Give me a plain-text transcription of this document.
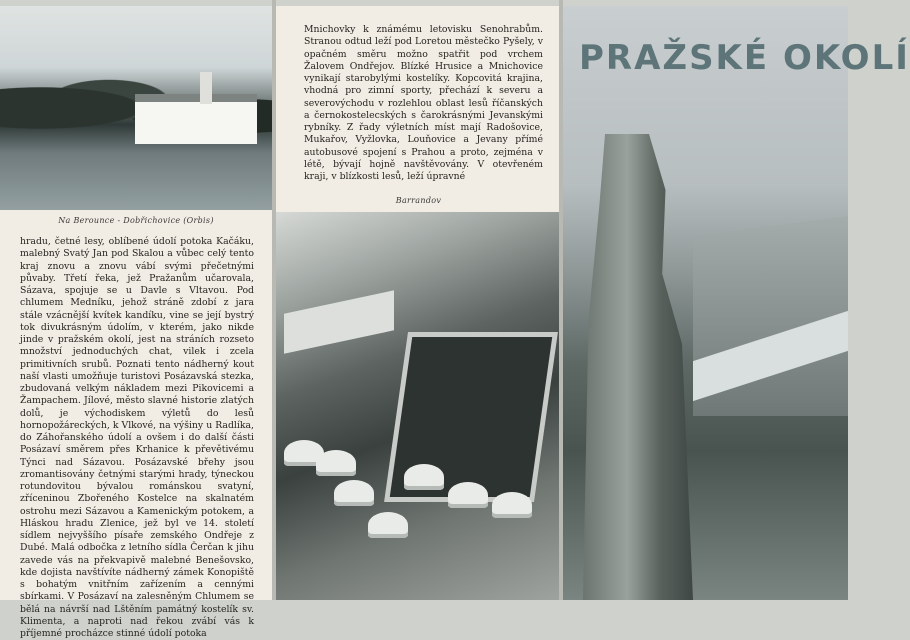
Na Berounce - Dobřichovice (Orbis)

hradu, četné lesy, oblíbené údolí potoka Kačáku, malebný Svatý Jan pod Skalou a vůbec celý tento kraj znovu a znovu vábí svými přečetnými půvaby. Třetí řeka, jež Pražanům učarovala, Sázava, spojuje se u Davle s Vltavou. Pod chlumem Medníku, jehož stráně zdobí z jara stále vzácnější kvítek kandíku, vine se její bystrý tok divukrásným údolím, v kterém, jako nikde jinde v pražském okolí, jest na stráních rozseto množství jednoduchých chat, vilek i zcela primitivních srubů. Poznati tento nádherný kout naší vlasti umožňuje turistovi Posázavská stezka, zbudovaná velkým nákladem mezi Pikovicemi a Žampachem. Jílové, město slavné historie zlatých dolů, je východiskem výletů do lesů hornopožáreckých, k Vlkové, na výšiny u Radlíka, do Záhořanského údolí a ovšem i do další části Posázaví směrem přes Krhanice k převětivému Týnci nad Sázavou. Posázavské břehy jsou zromantisovány četnými starými hrady, týneckou rotundovitou bývalou románskou svatyní, zříceninou Zbořeného Kostelce na skalnatém ostrohu mezi Sázavou a Kamenickým potokem, a Hláskou hradu Zlenice, jež byl ve 14. století sídlem nejvyššího písaře zemského Ondřeje z Dubé. Malá odbočka z letního sídla Čerčan k jihu zavede vás na překvapivě malebné Benešovsko, kde dojista navštívíte nádherný zámek Konopiště s bohatým vnitřním zařízením a cennými sbírkami. V Posázaví na zalesněným Chlumem se bělá na návrší nad Lštěním památný kostelík sv. Klimenta, a naproti nad řekou zvábí vás k příjemné procházce stinné údolí potoka

Mnichovky k známému letovisku Senohrabům. Stranou odtud leží pod Loretou městečko Pyšely, v opačném směru možno spatřit pod vrchem Žalovem Ondřejov. Blízké Hrusice a Mnichovice vynikají starobylými kostelíky. Kopcovitá krajina, vhodná pro zimní sporty, přechází k severu a severovýchodu v rozlehlou oblast lesů říčanských a černokostelecských s čarokrásnými Jevanskými rybníky. Z řady výletních míst mají Radošovice, Mukařov, Vyžlovka, Louňovice a Jevany přímé autobusové spojení s Prahou a proto, zejména v létě, bývají hojně navštěvovány. V otevřeném kraji, v blízkosti lesů, leží úpravné

Barrandov
PRAŽSKÉ OKOLÍ
